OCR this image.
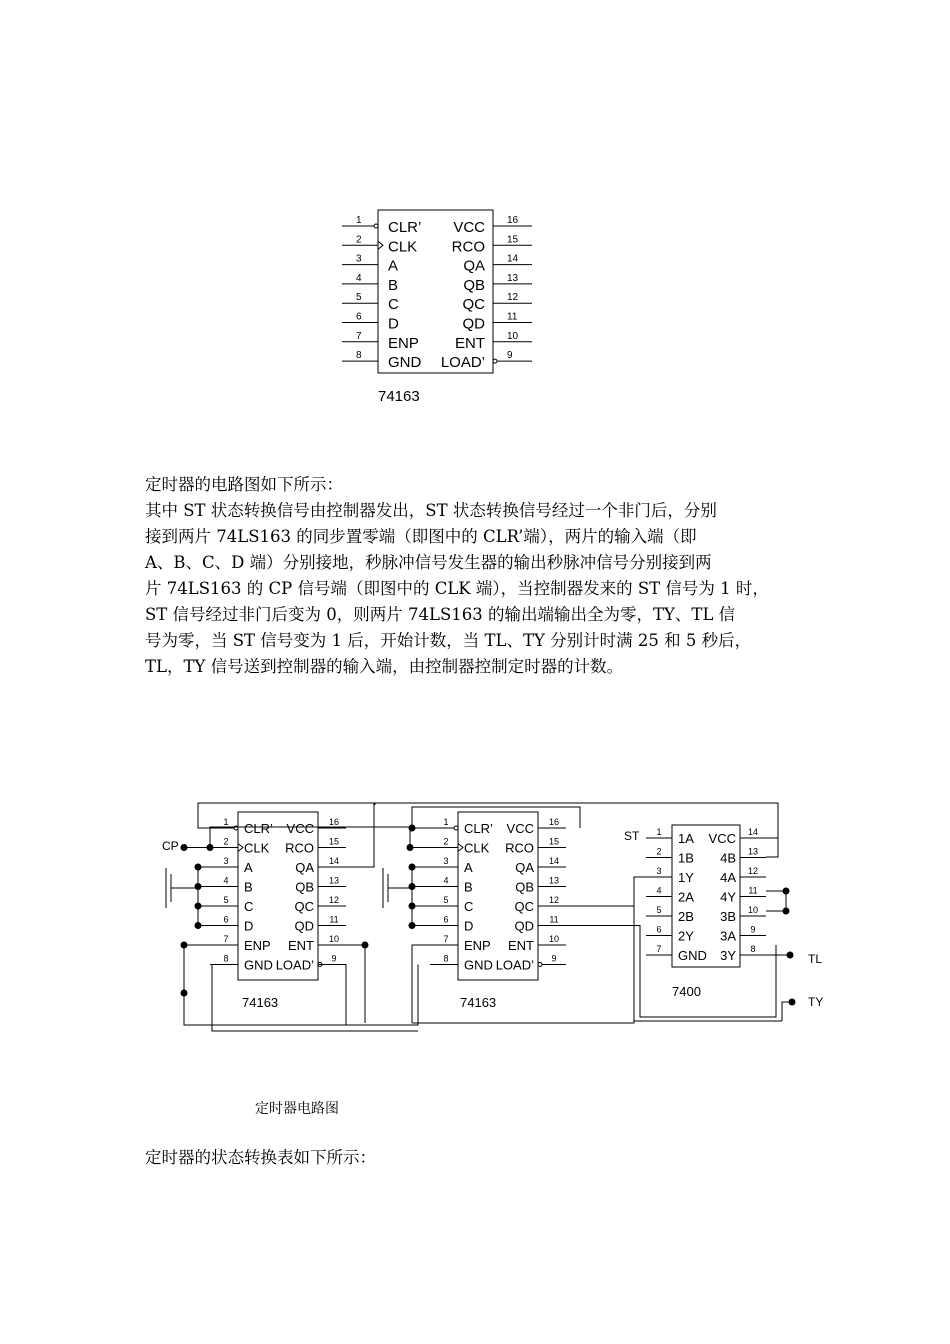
74163
1 CLR’
2 CLK
3 A
4 B
5 C
6 D
7 ENP
8 GND
16
VCC
15
RCO
14
QA
13
QB
12
QC
11
QD
10
ENT
9
LOAD’
定时器的电路图如下所示：
其中 ST 状态转换信号由控制器发出，ST 状态转换信号经过一个非门后，分别
接到两片 74LS163 的同步置零端（即图中的 CLR’端），两片的输入端（即
A、B、C、D 端）分别接地，秒脉冲信号发生器的输出秒脉冲信号分别接到两
片 74LS163 的 CP 信号端（即图中的 CLK 端），当控制器发来的 ST 信号为 1 时，
ST 信号经过非门后变为 0，则两片 74LS163 的输出端输出全为零，TY、TL 信
号为零，当 ST 信号变为 1 后，开始计数，当 TL、TY 分别计时满 25 和 5 秒后，
TL，TY 信号送到控制器的输入端，由控制器控制定时器的计数。
1 CLR’
2 CLK
3 A
4 B
5 C
6 D
7 ENP
8 GND
16
VCC
15
RCO
14
QA
13
QB
12
QC
11
QD
10
ENT
9
LOAD’
1 CLR’
2 CLK
3 A
4 B
5 C
6 D
7 ENP
8 GND
16
VCC
15
RCO
14
QA
13
QB
12
QC
11
QD
10
ENT
9
LOAD’
1 1A
2 1B
3 1Y
4 2A
5 2B
6 2Y
7 GND
14
VCC
13
4B
12
4A
11
4Y
10
3B
9
3A
8
3Y
74163	74163
7400
CP
ST
TL
TY
定时器电路图
定时器的状态转换表如下所示：
